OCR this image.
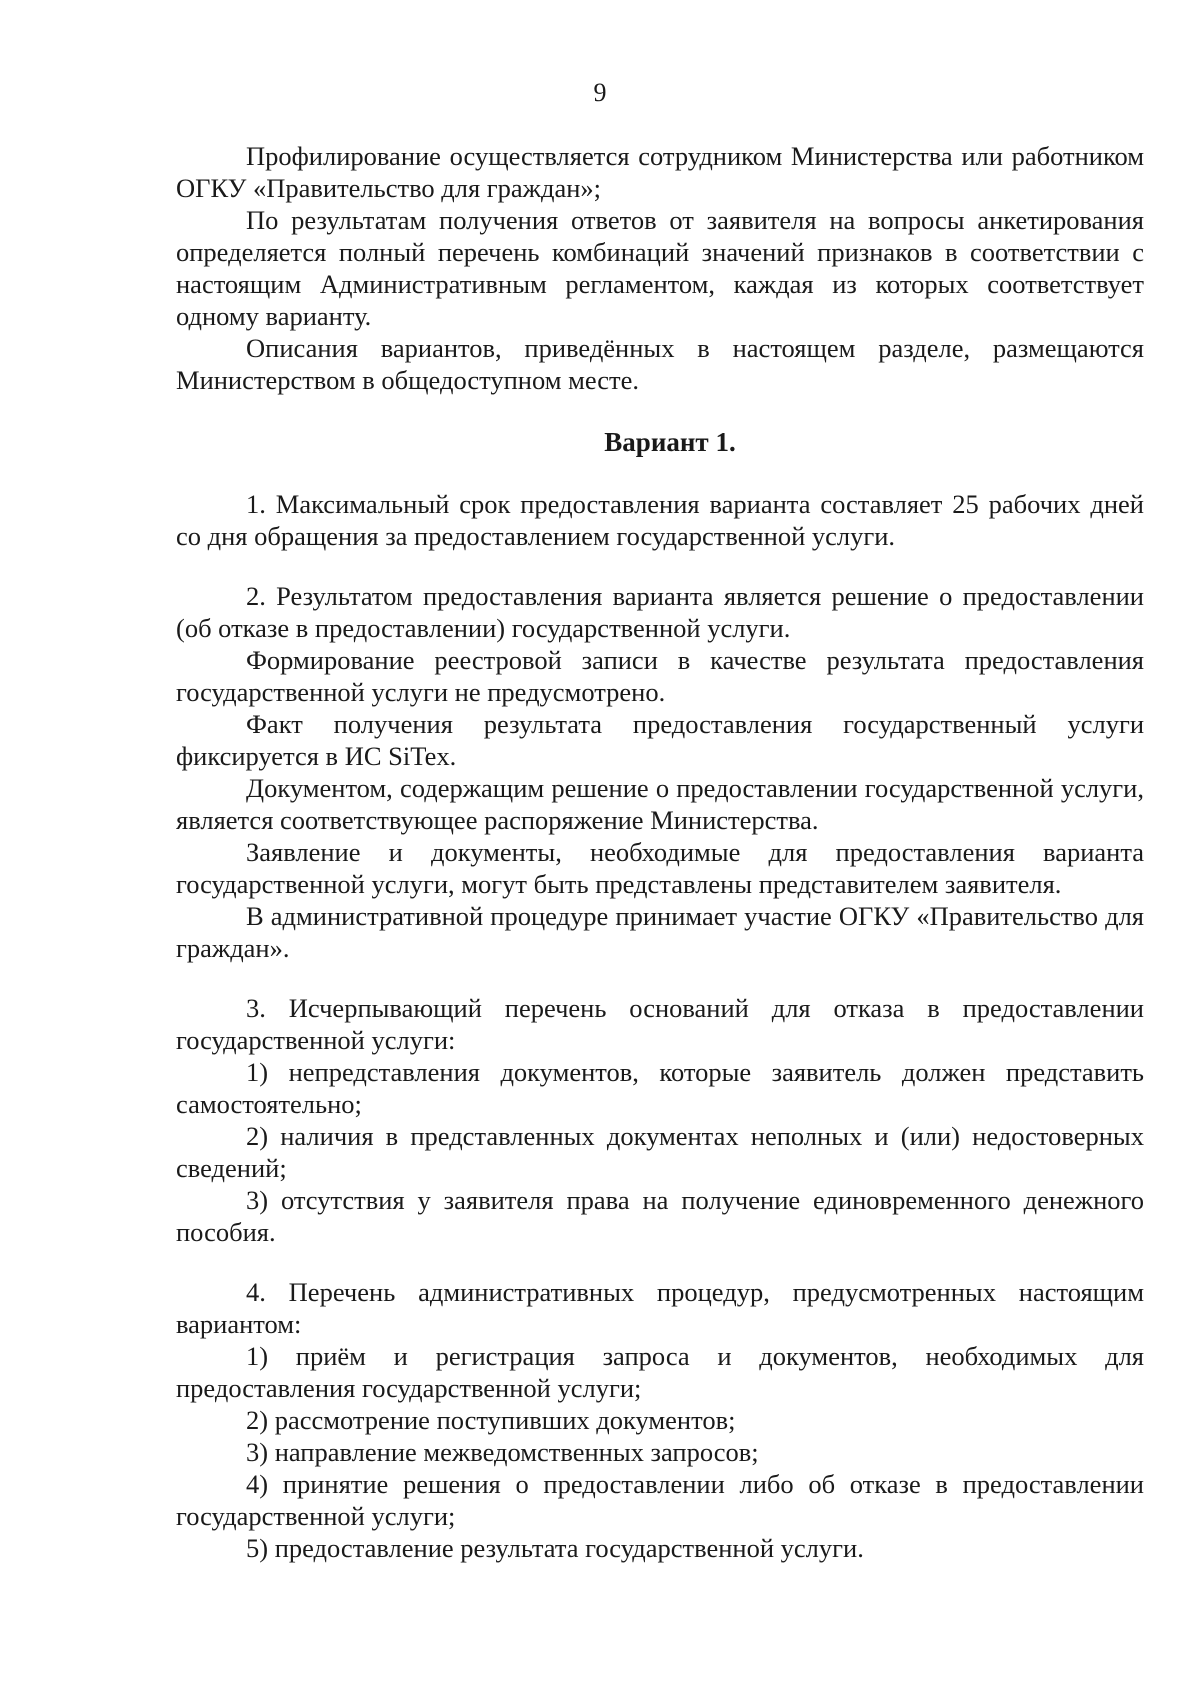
9

Профилирование осуществляется сотрудником Министерства или работником ОГКУ «Правительство для граждан»;

По результатам получения ответов от заявителя на вопросы анкетирования определяется полный перечень комбинаций значений признаков в соответствии с настоящим Административным регламентом, каждая из которых соответствует одному варианту.

Описания вариантов, приведённых в настоящем разделе, размещаются Министерством в общедоступном месте.

Вариант 1.

1. Максимальный срок предоставления варианта составляет 25 рабочих дней со дня обращения за предоставлением государственной услуги.

2. Результатом предоставления варианта является решение о предоставлении (об отказе в предоставлении) государственной услуги.

Формирование реестровой записи в качестве результата предоставления государственной услуги не предусмотрено.

Факт получения результата предоставления государственный услуги фиксируется в ИС SiTex.

Документом, содержащим решение о предоставлении государственной услуги, является соответствующее распоряжение Министерства.

Заявление и документы, необходимые для предоставления варианта государственной услуги, могут быть представлены представителем заявителя.

В административной процедуре принимает участие ОГКУ «Правительство для граждан».

3. Исчерпывающий перечень оснований для отказа в предоставлении государственной услуги:

1) непредставления документов, которые заявитель должен представить самостоятельно;

2) наличия в представленных документах неполных и (или) недостоверных сведений;

3) отсутствия у заявителя права на получение единовременного денежного пособия.

4. Перечень административных процедур, предусмотренных настоящим вариантом:

1) приём и регистрация запроса и документов, необходимых для предоставления государственной услуги;

2) рассмотрение поступивших документов;

3) направление межведомственных запросов;

4) принятие решения о предоставлении либо об отказе в предоставлении государственной услуги;

5) предоставление результата государственной услуги.
